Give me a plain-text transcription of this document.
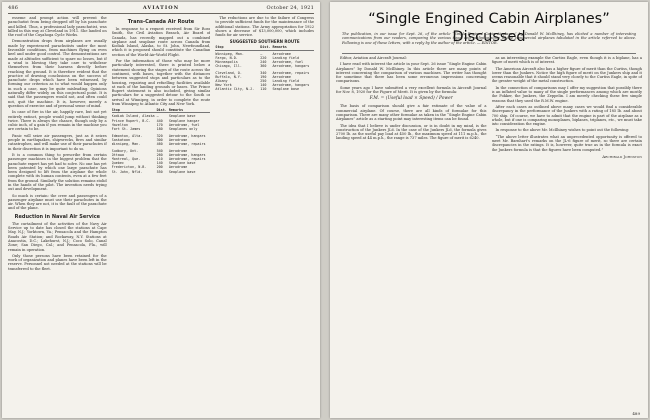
486	AVIATION	October 24, 1921

esseme and prompt action will prevent the parachutist from being dropped off by his parachute and killed. Thus, a professional lady parachutist, was killed in this way at Cleveland in 1911. She landed on the roof of the Cuyahoga Cycle Works.

Demonstration drops from airplanes are usually made by experienced parachutists under the most favorable conditions, from machines flying on even keel and under good control. The demonstrations are made at altitudes sufficient to spare no losses, but if a wind is blowing they take care to withdraw themselves from their harness directly before reaching the ground. It is therefore evident that the practice of drawing conclusions on the success of parachute drops which have been witnessed, by forming our criterion as to what would happen only in such a case, may be quite misleading. Opinions naturally differ widely on this conjectural point. It is said that the passengers would not, and often could not, quit the machine. It is, however, merely a question of exercise and of personal sense of mind.

In case of fire in the air, happily rare, but not yet entirely extinct, people would jump without thinking twice. There is always the chance, though only by a cubic inch, of a gain if you remain in the machine you are certain to be.

Panic will seize air passengers, just as it seizes people in earthquakes, shipwrecks, fires and similar catastrophes, and will make use of their parachutes if in their discretion it is important to do so.

It is a common thing to prescribe from certain passenger machines in the biggest problem that the parachute expert has yet had to solve. No one has yet been patented by which one large parachute has been designed to lift from the airplane the whole complete with its human contents, even at a few feet from the ground. Similarly the solution remains stolid in the hands of the pilot. The invention needs trying out and development.

So much is certain: the crew and passengers of a passenger airplane must use their parachutes in the air. When they are not, it is the fault of the parachute and of the plane.

Reduction in Naval Air Service

The curtailment of the activities of the Navy Air Service up to date has closed the stations at Cape May, N.J.; Yorktown, Va.; Pensacola and the Hampton Roads Air Station; and Rockaway, N.Y. Stations at Anacostia, D.C.; Lakehurst, N.J.; Coco Solo, Canal Zone; San Diego, Cal.; and Pensacola, Fla., will remain in operation.

Only those persons have been retained for the work of organization and planes have been left in the reserve. Personnel not needed at the stations will be transferred to the fleet.

Trans-Canada Air Route

In response to a request received from Sir Ross Smith, the Civil Aviation Branch, Air Board of Canada, has recently mapped out a combined airplane and seaplane route across Canada from Kodiak Island, Alaska, to St. John, Newfoundland, which it is proposed should constitute the Canadian section of the World-Air-World Flight.

For the information of those who may be more particularly interested, there is printed below a statement showing the stages of the route across the continent, with bases, together with the distances between suggested stops and particulars as to the housing, repairing and refuelling facilities available at each of the landing grounds or bases. The Prince Rupert statement is also included, giving similar particulars for a suggested detour to the South or arrival at Winnipeg, in order to complete the route from Winnipeg to Atlantic City and New York.

Stop                  Dist. Remarks
Kodiak Island, Alaska —     Seaplane base
Prince Rupert, B.C.   440   Seaplane hangar
Hazelton              170   Aerodrome, fuel
Fort St. James        180   Seaplanes only
Edmonton, Alta.       320   Aerodrome, hangars
Saskatoon             300   Aerodrome
Winnipeg, Man.        460   Aerodrome, repairs
Sudbury, Ont.         540   Aerodrome
Ottawa                260   Aerodrome, hangars
Montreal, Que.        110   Aerodrome, repairs
Quebec                140   Seaplane base
Fredericton, N.B.     200   Aerodrome
St. John, Nfld.       550   Seaplane base

The reductions are due to the failure of Congress to provide sufficient funds for the maintenance of the additional stations. The Army appropriation for 1922 shows a decrease of $13,000,000, which includes funds for air service.

SUGGESTED SOUTHERN ROUTE
Stop                  Dist. Remarks
Winnipeg, Man.        —     Aerodrome
Fargo, N.D.           220   Landing field
Minneapolis           240   Aerodrome, fuel
Chicago, Ill.         360   Aerodrome, hangars
Cleveland, O.         340   Aerodrome, repairs
Buffalo, N.Y.         190   Aerodrome
Albany                250   Landing field
New York              140   Aerodrome, hangars
Atlantic City, N.J.   110   Seaplane base
“Single Engined Cabin Airplanes” Discussed
The publication, in our issue for Sept. 26, of the article “Single Engined Cabin Airplanes” by Donald W. McIlhiney, has elicited a number of interesting communications from our readers, comparing the various types and outlining some of the commercial airplanes tabulated in the article referred to above. Following is one of these letters, with a reply by the author of the article. — EDITOR.

Editor, Aviation and Aircraft Journal:

I have read with interest the article in your Sept. 26 issue “Single Engine Cabin Airplanes” by Donald W. McIlhiney. In this article there are many points of interest concerning the comparison of various machines. The writer has thought for sometime that there has been some erroneous impressions concerning comparisons.

Some years ago I have submitted a very excellent formula in Aircraft Journal for Nov. 8, 1920 for the Figure of Merit. It is given by the formula:

F.M. = (Useful load × Speed) / Power

The basis of comparison should give a fair estimate of the value of a commercial airplane. Of course, there are all kinds of formulae for this comparison. There are many other formulae as taken in the “Single Engine Cabin Airplanes” article as a starting point may interesting items can be found.

The idea that I believe is under discussion, or is in doubt in my mind, is the construction of the Junkers JL6. In the case of the Junkers JL6, the formula gives 2700 lb. as the useful pay load at 450 lb., the maximum speed at 111 m.p.h., the landing speed at 44 m.p.h., the range is 737 miles. The figure of merit is 6240.

as an interesting example the Curtiss Eagle, even though it is a biplane, has a figure of merit which is of interest.

The American Aircraft also has a higher figure of merit than the Curtiss, though lower than the Junkers. Notice the high figure of merit on the Junkers ship and it seems reasonable that it should stand very closely to the Curtiss Eagle, in spite of the greater weight of the metal construction.

In the connection of comparisons may I offer my suggestion that possibly there is an inflated value to many of the single performances among which are mostly the Fokker, the Junkers, the Zeppelin. I am merely checking these few simple reasons that they used the R.M.W. engine.

After each cases as outlined above many cases we would find a considerable discrepancy in the performance of the Junkers with a rating of 185 lb. and about 700 ship. Of course, we have to admit that the engine is part of the airplane as a whole, but if one is comparing monoplanes, biplanes, triplanes, etc., we must take into consideration the engine.

In response to the above Mr. McIlhiney wishes to point out the following:

“The above letter illustrates what an unprecedented opportunity is offered to meet Mr. Barnhart’s remarks on the JL-6 figure of merit, so there are certain discrepancies in the ratings. It is, however, quite true as in the formula is exact the Junkers formula is that the figures have been computed.”

Archibald Johnston
489
